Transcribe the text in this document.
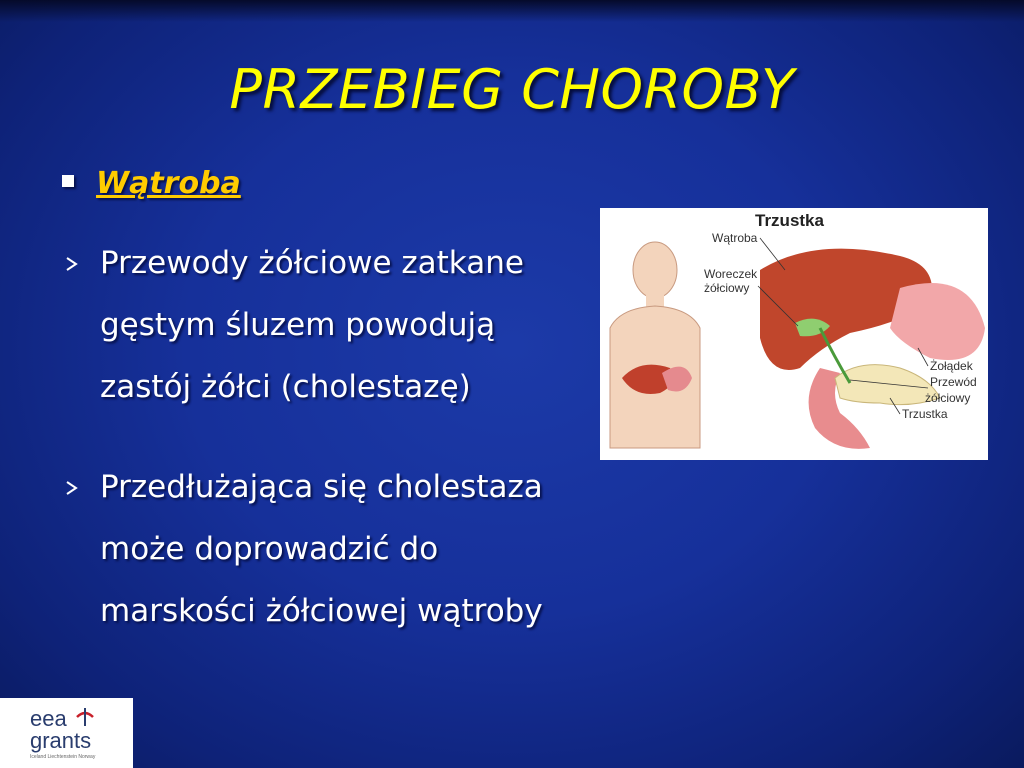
PRZEBIEG CHOROBY
Wątroba
Przewody żółciowe zatkane
gęstym śluzem powodują
zastój żółci (cholestazę)
Przedłużająca się cholestaza
może doprowadzić do
marskości żółciowej wątroby
Trzustka
Wątroba
Woreczek
żółciowy
Żołądek
Przewód
żółciowy
Trzustka
eea
grants
Iceland Liechtenstein Norway
